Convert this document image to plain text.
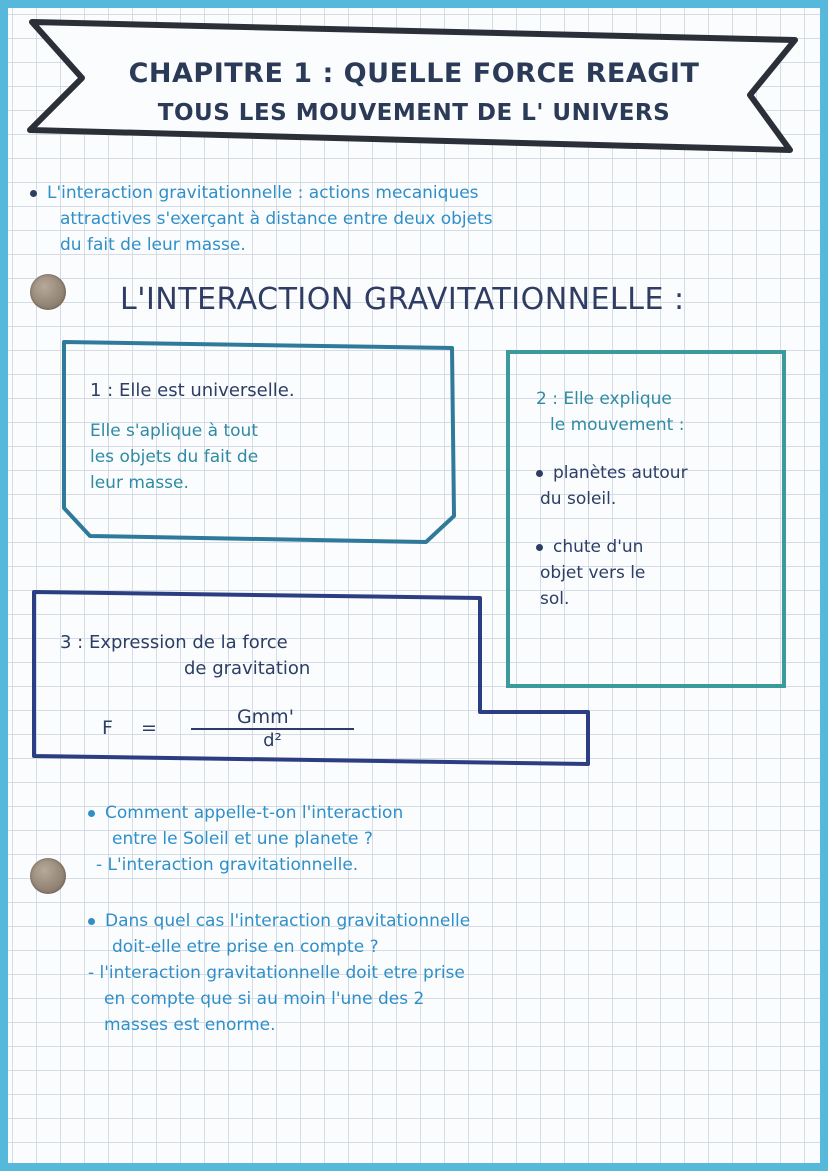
CHAPITRE 1 : QUELLE FORCE REAGIT
TOUS LES MOUVEMENT DE L' UNIVERS
L'interaction gravitationnelle : actions mecaniques
attractives s'exerçant à distance entre deux objets
du fait de leur masse.
L'INTERACTION GRAVITATIONNELLE :
1 : Elle est universelle.
Elle s'aplique à tout
les objets du fait de
leur masse.
2 : Elle explique
le mouvement :
planètes autour
du soleil.
chute d'un
objet vers le
sol.
3 : Expression de la force
de gravitation
$F = \frac{\text{Gmm'}}{\text{d²}}$
Comment appelle-t-on l'interaction
entre le Soleil et une planete ?
- L'interaction gravitationnelle.
Dans quel cas l'interaction gravitationnelle
doit-elle etre prise en compte ?
- l'interaction gravitationnelle doit etre prise
en compte que si au moin l'une des 2
masses est enorme.
